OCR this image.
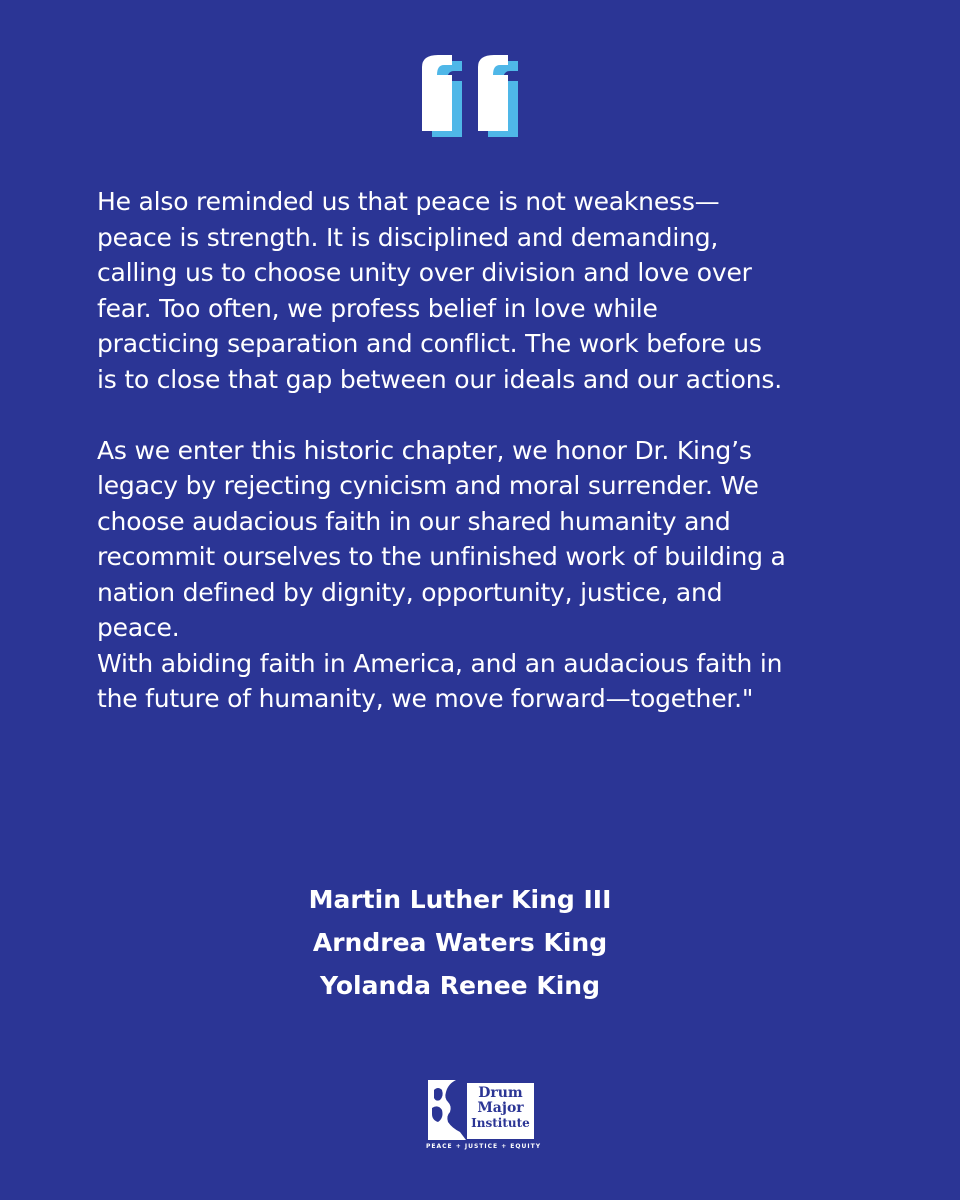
He also reminded us that peace is not weakness—
peace is strength. It is disciplined and demanding,
calling us to choose unity over division and love over
fear. Too often, we profess belief in love while
practicing separation and conflict. The work before us
is to close that gap between our ideals and our actions.
As we enter this historic chapter, we honor Dr. King’s
legacy by rejecting cynicism and moral surrender. We
choose audacious faith in our shared humanity and
recommit ourselves to the unfinished work of building a
nation defined by dignity, opportunity, justice, and
peace.
With abiding faith in America, and an audacious faith in
the future of humanity, we move forward—together."
Martin Luther King III
Arndrea Waters King
Yolanda Renee King
Drum
Major
Institute
PEACE + JUSTICE + EQUITY
